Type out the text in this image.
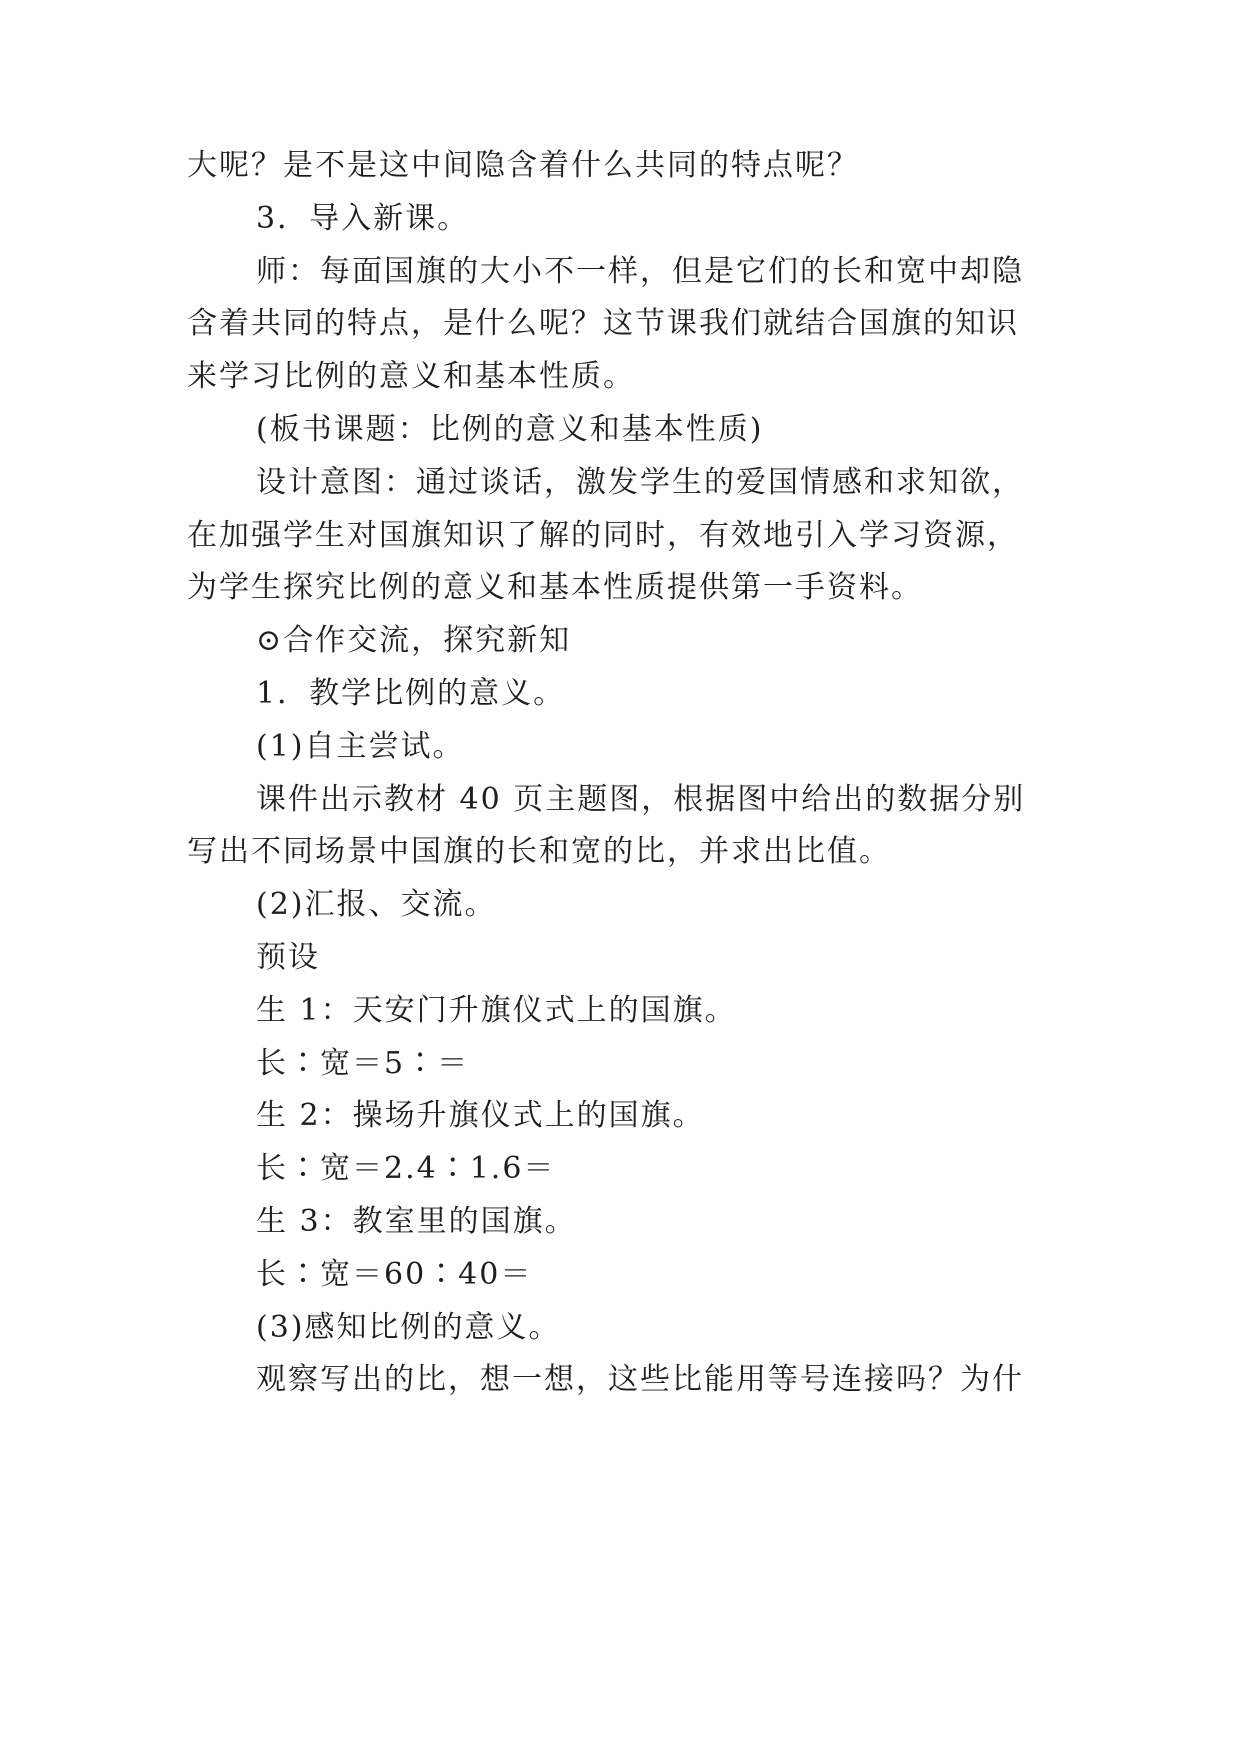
大呢？是不是这中间隐含着什么共同的特点呢？
3．导入新课。
师：每面国旗的大小不一样，但是它们的长和宽中却隐
含着共同的特点，是什么呢？这节课我们就结合国旗的知识
来学习比例的意义和基本性质。
(板书课题：比例的意义和基本性质)
设计意图：通过谈话，激发学生的爱国情感和求知欲，
在加强学生对国旗知识了解的同时，有效地引入学习资源，
为学生探究比例的意义和基本性质提供第一手资料。
⊙合作交流，探究新知
1．教学比例的意义。
(1)自主尝试。
课件出示教材 40 页主题图，根据图中给出的数据分别
写出不同场景中国旗的长和宽的比，并求出比值。
(2)汇报、交流。
预设
生 1：天安门升旗仪式上的国旗。
长∶宽＝5∶＝
生 2：操场升旗仪式上的国旗。
长∶宽＝2.4∶1.6＝
生 3：教室里的国旗。
长∶宽＝60∶40＝
(3)感知比例的意义。
观察写出的比，想一想，这些比能用等号连接吗？为什
